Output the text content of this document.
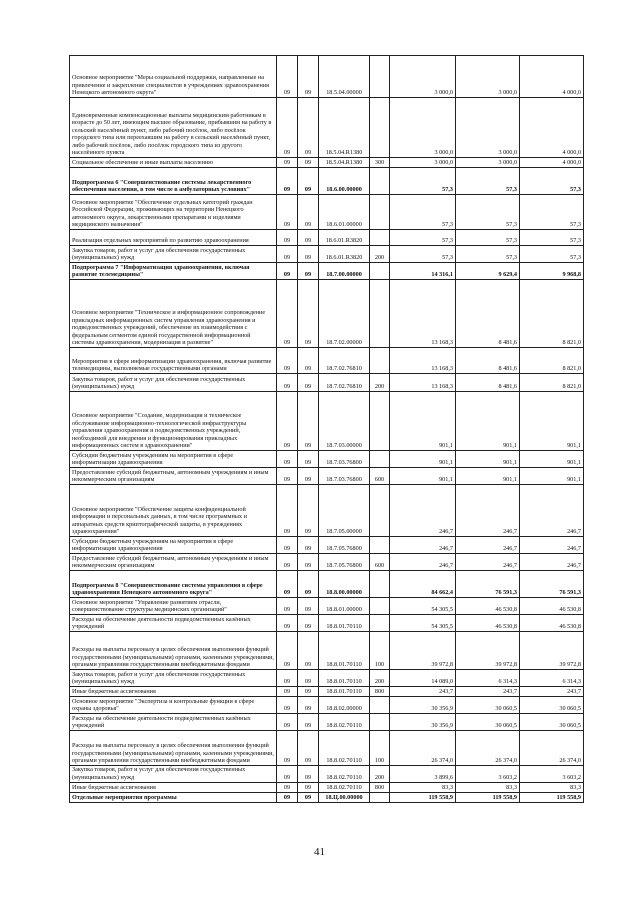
Основное мероприятие "Меры социальной поддержки, направленные на привлечение и закрепление специалистов в учреждениях здравоохранения Ненецкого автономного округа"	09	09	18.5.04.00000		3 000,0	3 000,0	4 000,0
Единовременные компенсационные выплаты медицинским работникам в возрасте до 50 лет, имеющим высшее образование, прибывшим на работу в сельский населённый пункт, либо рабочий посёлок, либо посёлок городского типа или переехавшим на работу в сельский населённый пункт, либо рабочий посёлок, либо посёлок городского типа из другого населённого пункта	09	09	18.5.04.R1380		3 000,0	3 000,0	4 000,0
Социальное обеспечение и иные выплаты населению	09	09	18.5.04.R1380	300	3 000,0	3 000,0	4 000,0
Подпрограмма 6 "Совершенствование системы лекарственного обеспечения населения, в том числе в амбулаторных условиях"	09	09	18.6.00.00000		57,3	57,3	57,3
Основное мероприятие "Обеспечение отдельных категорий граждан Российской Федерации, проживающих на территории Ненецкого автономного округа, лекарственными препаратами и изделиями медицинского назначения"	09	09	18.6.01.00000		57,3	57,3	57,3
Реализация отдельных мероприятий по развитию здравоохранения	09	09	18.6.01.R3820		57,3	57,3	57,3
Закупка товаров, работ и услуг для обеспечения государственных (муниципальных) нужд	09	09	18.6.01.R3820	200	57,3	57,3	57,3
Подпрограмма 7 "Информатизация здравоохранения, включая развитие телемедицины"	09	09	18.7.00.00000		14 316,1	9 629,4	9 968,8
Основное мероприятие "Техническое и информационное сопровождение прикладных информационных систем управления здравоохранения и подведомственных учреждений, обеспечение их взаимодействия с федеральным сегментом единой государственной информационной системы здравоохранения, модернизация и развитие"	09	09	18.7.02.00000		13 168,3	8 481,6	8 821,0
Мероприятия в сфере информатизации здравоохранения, включая развитие телемедицины, выполняемые государственными органами	09	09	18.7.02.76810		13 168,3	8 481,6	8 821,0
Закупка товаров, работ и услуг для обеспечения государственных (муниципальных) нужд	09	09	18.7.02.76810	200	13 168,3	8 481,6	8 821,0
Основное мероприятие "Создание, модернизация и техническое обслуживание информационно-технологической инфраструктуры управления здравоохранения и подведомственных учреждений, необходимой для внедрения и функционирования прикладных информационных систем в здравоохранении"	09	09	18.7.03.00000		901,1	901,1	901,1
Субсидии бюджетным учреждениям на мероприятия в сфере информатизации здравоохранения	09	09	18.7.03.76800		901,1	901,1	901,1
Предоставление субсидий бюджетным, автономным учреждениям и иным некоммерческим организациям	09	09	18.7.03.76800	600	901,1	901,1	901,1
Основное мероприятие "Обеспечение защиты конфиденциальной информации и персональных данных, в том числе программных и аппаратных средств криптографической защиты, в учреждениях здравоохранения"	09	09	18.7.05.00000		246,7	246,7	246,7
Субсидии бюджетным учреждениям на мероприятия в сфере информатизации здравоохранения	09	09	18.7.05.76800		246,7	246,7	246,7
Предоставление субсидий бюджетным, автономным учреждениям и иным некоммерческим организациям	09	09	18.7.05.76800	600	246,7	246,7	246,7
Подпрограмма 8 "Совершенствование системы управления в сфере здравоохранения Ненецкого автономного округа"	09	09	18.8.00.00000		84 662,4	76 591,3	76 591,3
Основное мероприятие "Управление развитием отрасли, совершенствование структуры медицинских организаций"	09	09	18.8.01.00000		54 305,5	46 530,8	46 530,8
Расходы на обеспечение деятельности подведомственных казённых учреждений	09	09	18.8.01.70110		54 305,5	46 530,8	46 530,8
Расходы на выплаты персоналу в целях обеспечения выполнения функций государственными (муниципальными) органами, казенными учреждениями, органами управления государственными внебюджетными фондами	09	09	18.8.01.70110	100	39 972,8	39 972,8	39 972,8
Закупка товаров, работ и услуг для обеспечения государственных (муниципальных) нужд	09	09	18.8.01.70110	200	14 089,0	6 314,3	6 314,3
Иные бюджетные ассигнования	09	09	18.8.01.70110	800	243,7	243,7	243,7
Основное мероприятие "Экспертиза и контрольные функции в сфере охраны здоровья"	09	09	18.8.02.00000		30 356,9	30 060,5	30 060,5
Расходы на обеспечение деятельности подведомственных казённых учреждений	09	09	18.8.02.70110		30 356,9	30 060,5	30 060,5
Расходы на выплаты персоналу в целях обеспечения выполнения функций государственными (муниципальными) органами, казенными учреждениями, органами управления государственными внебюджетными фондами	09	09	18.8.02.70110	100	26 374,0	26 374,0	26 374,0
Закупка товаров, работ и услуг для обеспечения государственных (муниципальных) нужд	09	09	18.8.02.70110	200	3 899,6	3 603,2	3 603,2
Иные бюджетные ассигнования	09	09	18.8.02.70110	800	83,3	83,3	83,3
Отдельные мероприятия программы	09	09	18.Ц.00.00000		119 558,9	119 558,9	119 558,9
41
